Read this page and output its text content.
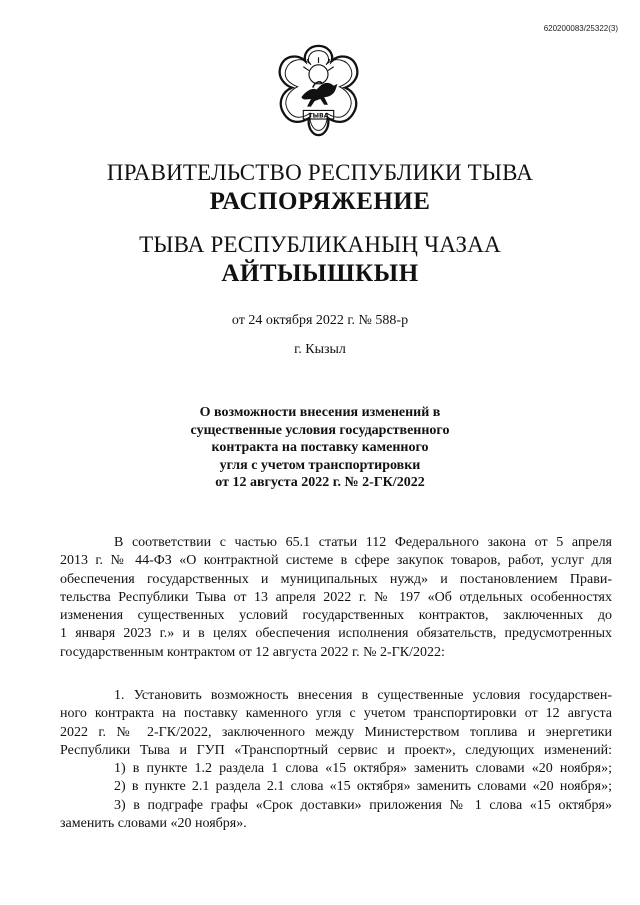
620200083/25322(3)
ТЫВА
ПРАВИТЕЛЬСТВО РЕСПУБЛИКИ ТЫВА
РАСПОРЯЖЕНИЕ
ТЫВА РЕСПУБЛИКАНЫҢ ЧАЗАА
АЙТЫЫШКЫН
от 24 октября 2022 г. № 588-р
г. Кызыл
О возможности внесения изменений в
существенные условия государственного
контракта на поставку каменного
угля с учетом транспортировки
от 12 августа 2022 г. № 2-ГК/2022
В соответствии с частью 65.1 статьи 112 Федерального закона от 5 апреля
2013 г. № 44-ФЗ «О контрактной системе в сфере закупок товаров, работ, услуг для
обеспечения государственных и муниципальных нужд» и постановлением Прави-
тельства Республики Тыва от 13 апреля 2022 г. № 197 «Об отдельных особенностях
изменения существенных условий государственных контрактов, заключенных до
1 января 2023 г.» и в целях обеспечения исполнения обязательств, предусмотренных
государственным контрактом от 12 августа 2022 г. № 2-ГК/2022:
1. Установить возможность внесения в существенные условия государствен-
ного контракта на поставку каменного угля с учетом транспортировки от 12 августа
2022 г. № 2-ГК/2022, заключенного между Министерством топлива и энергетики
Республики Тыва и ГУП «Транспортный сервис и проект», следующих изменений:
1) в пункте 1.2 раздела 1 слова «15 октября» заменить словами «20 ноября»;
2) в пункте 2.1 раздела 2.1 слова «15 октября» заменить словами «20 ноября»;
3) в подграфе графы «Срок доставки» приложения № 1 слова «15 октября»
заменить словами «20 ноября».
